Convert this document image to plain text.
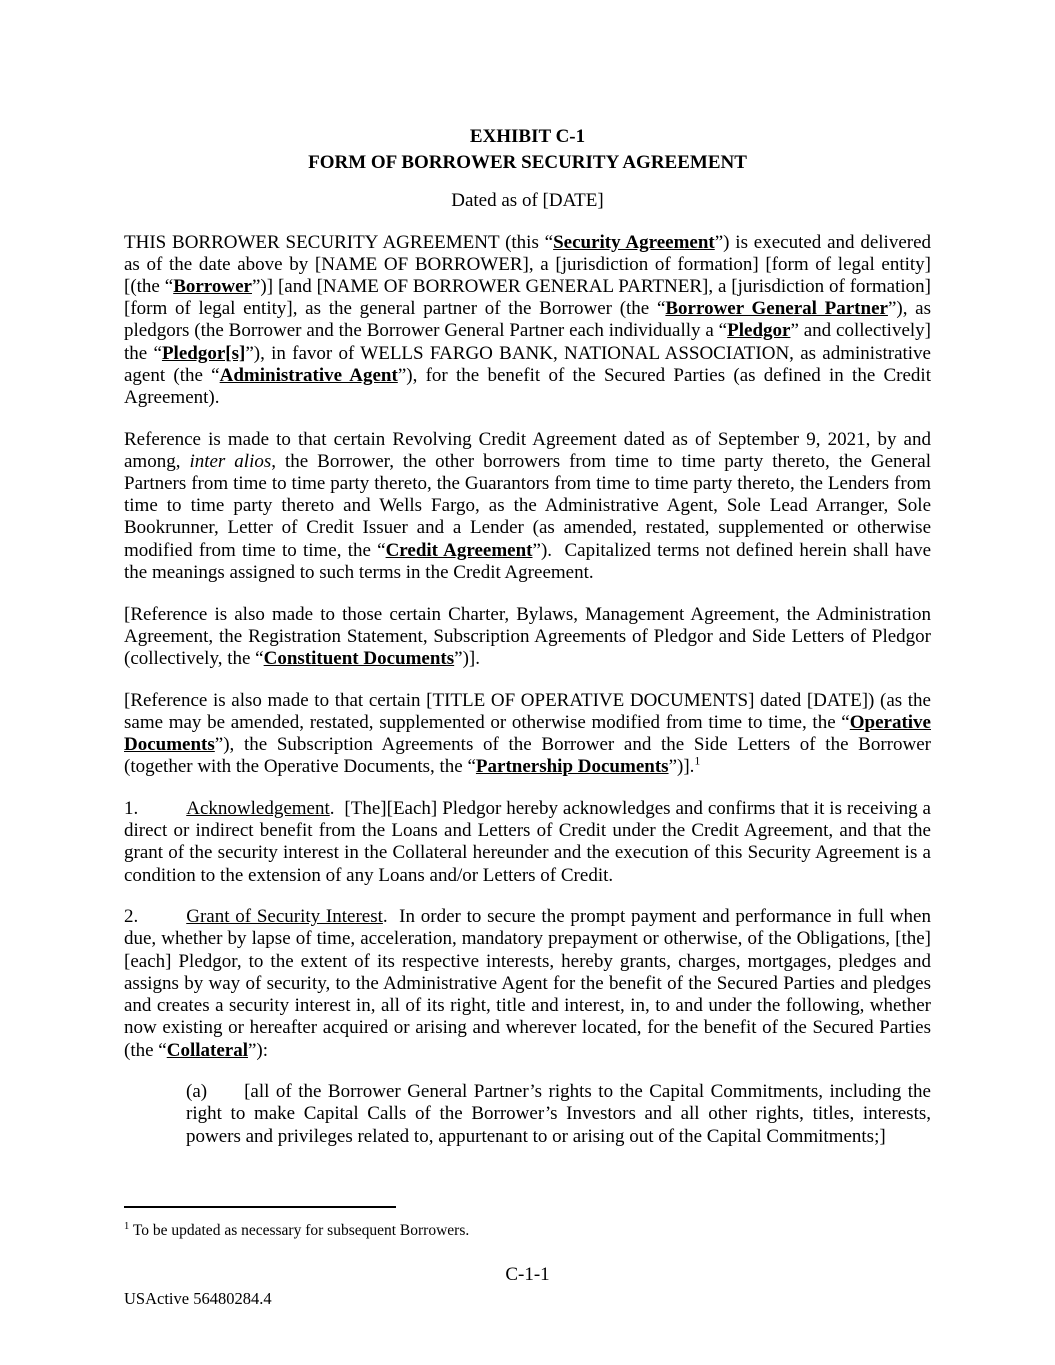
EXHIBIT C-1
FORM OF BORROWER SECURITY AGREEMENT
Dated as of [DATE]

THIS BORROWER SECURITY AGREEMENT (this “Security Agreement”) is executed and delivered as of the date above by [NAME OF BORROWER], a [jurisdiction of formation] [form of legal entity] [(the “Borrower”)] [and [NAME OF BORROWER GENERAL PARTNER], a [jurisdiction of formation] [form of legal entity], as the general partner of the Borrower (the “Borrower General Partner”), as pledgors (the Borrower and the Borrower General Partner each individually a “Pledgor” and collectively] the “Pledgor[s]”), in favor of WELLS FARGO BANK, NATIONAL ASSOCIATION, as administrative agent (the “Administrative Agent”), for the benefit of the Secured Parties (as defined in the Credit Agreement).

Reference is made to that certain Revolving Credit Agreement dated as of September 9, 2021, by and among, inter alios, the Borrower, the other borrowers from time to time party thereto, the General Partners from time to time party thereto, the Guarantors from time to time party thereto, the Lenders from time to time party thereto and Wells Fargo, as the Administrative Agent, Sole Lead Arranger, Sole Bookrunner, Letter of Credit Issuer and a Lender (as amended, restated, supplemented or otherwise modified from time to time, the “Credit Agreement”).  Capitalized terms not defined herein shall have the meanings assigned to such terms in the Credit Agreement.

[Reference is also made to those certain Charter, Bylaws, Management Agreement, the Administration Agreement, the Registration Statement, Subscription Agreements of Pledgor and Side Letters of Pledgor (collectively, the “Constituent Documents”)].

[Reference is also made to that certain [TITLE OF OPERATIVE DOCUMENTS] dated [DATE]) (as the same may be amended, restated, supplemented or otherwise modified from time to time, the “Operative Documents”), the Subscription Agreements of the Borrower and the Side Letters of the Borrower (together with the Operative Documents, the “Partnership Documents”)].$^1$

1.	Acknowledgement.  [The][Each] Pledgor hereby acknowledges and confirms that it is receiving a direct or indirect benefit from the Loans and Letters of Credit under the Credit Agreement, and that the grant of the security interest in the Collateral hereunder and the execution of this Security Agreement is a condition to the extension of any Loans and/or Letters of Credit.

2.	Grant of Security Interest.  In order to secure the prompt payment and performance in full when due, whether by lapse of time, acceleration, mandatory prepayment or otherwise, of the Obligations, [the][each] Pledgor, to the extent of its respective interests, hereby grants, charges, mortgages, pledges and assigns by way of security, to the Administrative Agent for the benefit of the Secured Parties and pledges and creates a security interest in, all of its right, title and interest, in, to and under the following, whether now existing or hereafter acquired or arising and wherever located, for the benefit of the Secured Parties (the “Collateral”):

(a) [all of the Borrower General Partner’s rights to the Capital Commitments, including the right to make Capital Calls of the Borrower’s Investors and all other rights, titles, interests, powers and privileges related to, appurtenant to or arising out of the Capital Commitments;]

$^1$ To be updated as necessary for subsequent Borrowers.
C-1-1
USActive 56480284.4
